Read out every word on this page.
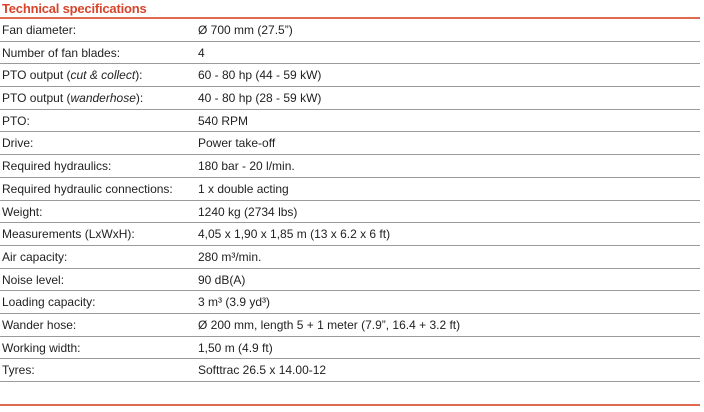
Technical specifications
Fan diameter:	Ø 700 mm (27.5”)
Number of fan blades:	4
PTO output (cut & collect):	60 - 80 hp (44 - 59 kW)
PTO output (wanderhose):	40 - 80 hp (28 - 59 kW)
PTO:	540 RPM
Drive:	Power take-off
Required hydraulics:	180 bar - 20 l/min.
Required hydraulic connections: 1 x double acting
Weight:	1240 kg (2734 lbs)
Measurements (LxWxH):	4,05 x 1,90 x 1,85 m (13 x 6.2 x 6 ft)
Air capacity:	280 m³/min.
Noise level:	90 dB(A)
Loading capacity:	3 m³ (3.9 yd³)
Wander hose:	Ø 200 mm, length 5 + 1 meter (7.9”, 16.4 + 3.2 ft)
Working width:	1,50 m (4.9 ft)
Tyres:	Softtrac 26.5 x 14.00-12
